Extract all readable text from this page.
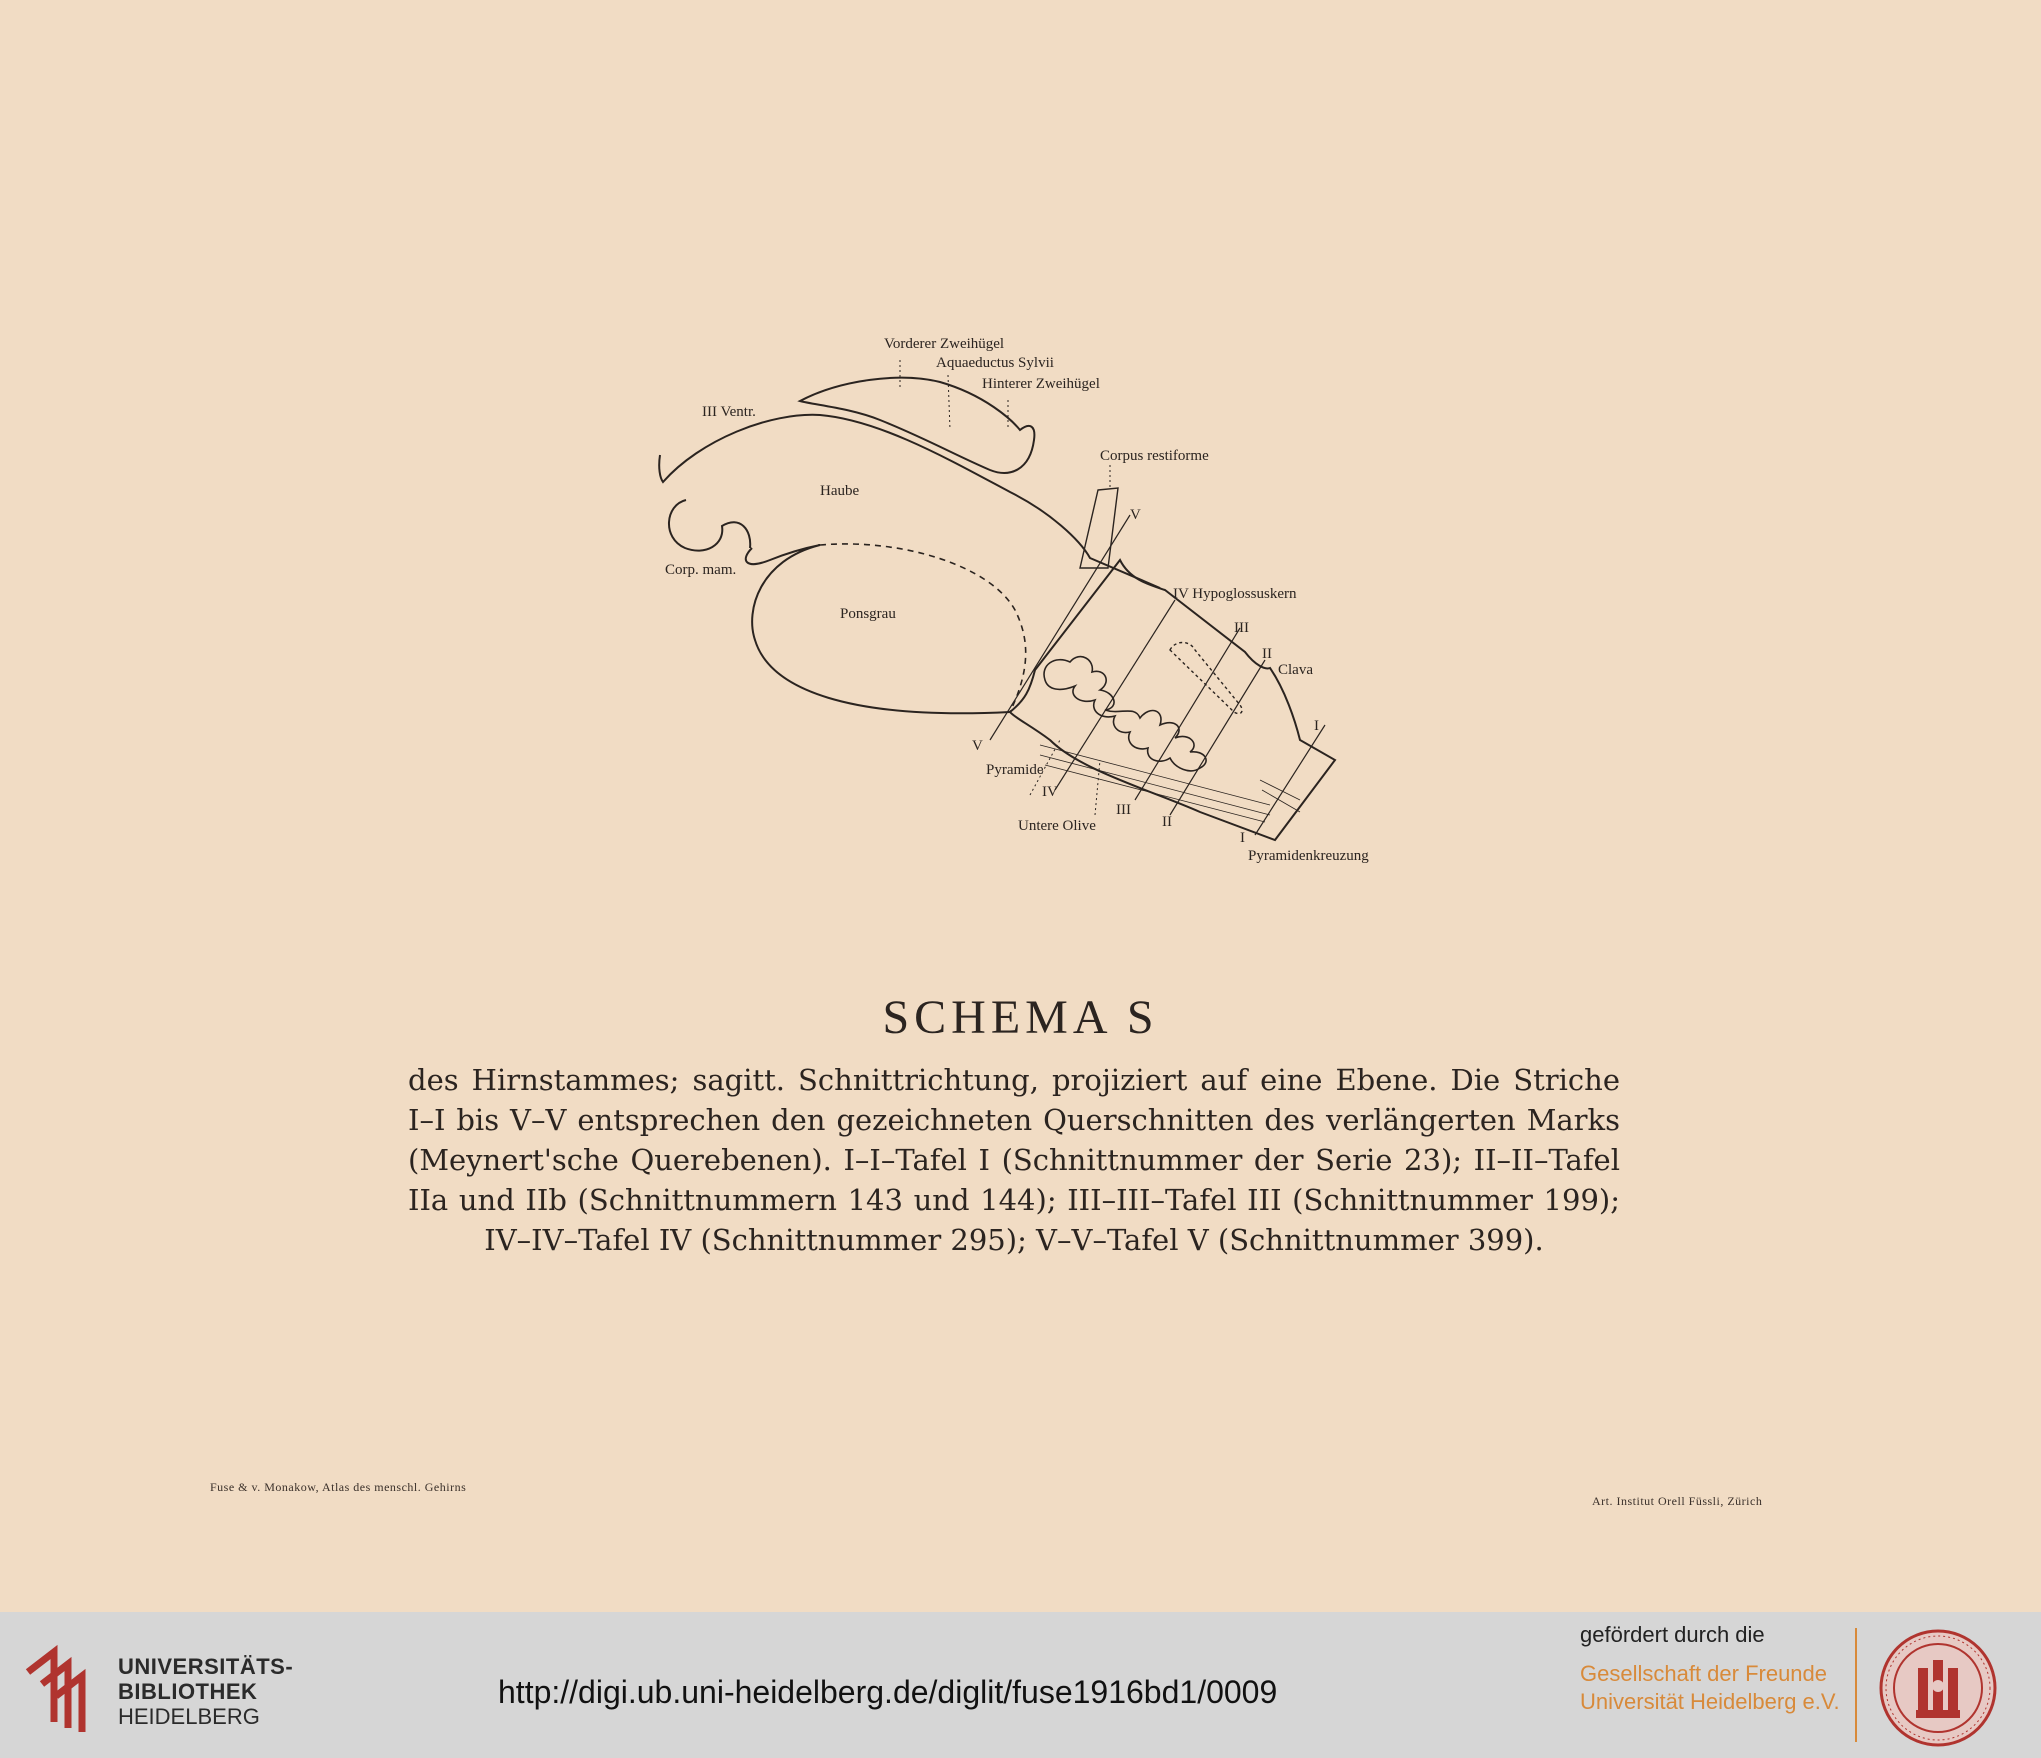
Vorderer Zweihügel
Aquaeductus Sylvii
Hinterer Zweihügel
III Ventr.
Corpus restiforme
Haube
V
Corp. mam.
IV Hypoglossuskern
Ponsgrau
III
II
Clava
I
V
Pyramide
IV
III
II
Untere Olive
I
Pyramidenkreuzung
SCHEMA S

des Hirnstammes; sagitt. Schnittrichtung, projiziert auf eine Ebene. Die Striche I–I bis V–V entsprechen den gezeichneten Querschnitten des verlängerten Marks (Meynert'sche Querebenen). I–I–Tafel I (Schnittnummer der Serie 23); II–II–Tafel IIa und IIb (Schnittnummern 143 und 144); III–III–Tafel III (Schnittnummer 199); IV–IV–Tafel IV (Schnittnummer 295); V–V–Tafel V (Schnittnummer 399).

Fuse & v. Monakow, Atlas des menschl. Gehirns
Art. Institut Orell Füssli, Zürich
UNIVERSITÄTS-
BIBLIOTHEK
HEIDELBERG
http://digi.ub.uni-heidelberg.de/diglit/fuse1916bd1/0009
gefördert durch die
Gesellschaft der Freunde
Universität Heidelberg e.V.
